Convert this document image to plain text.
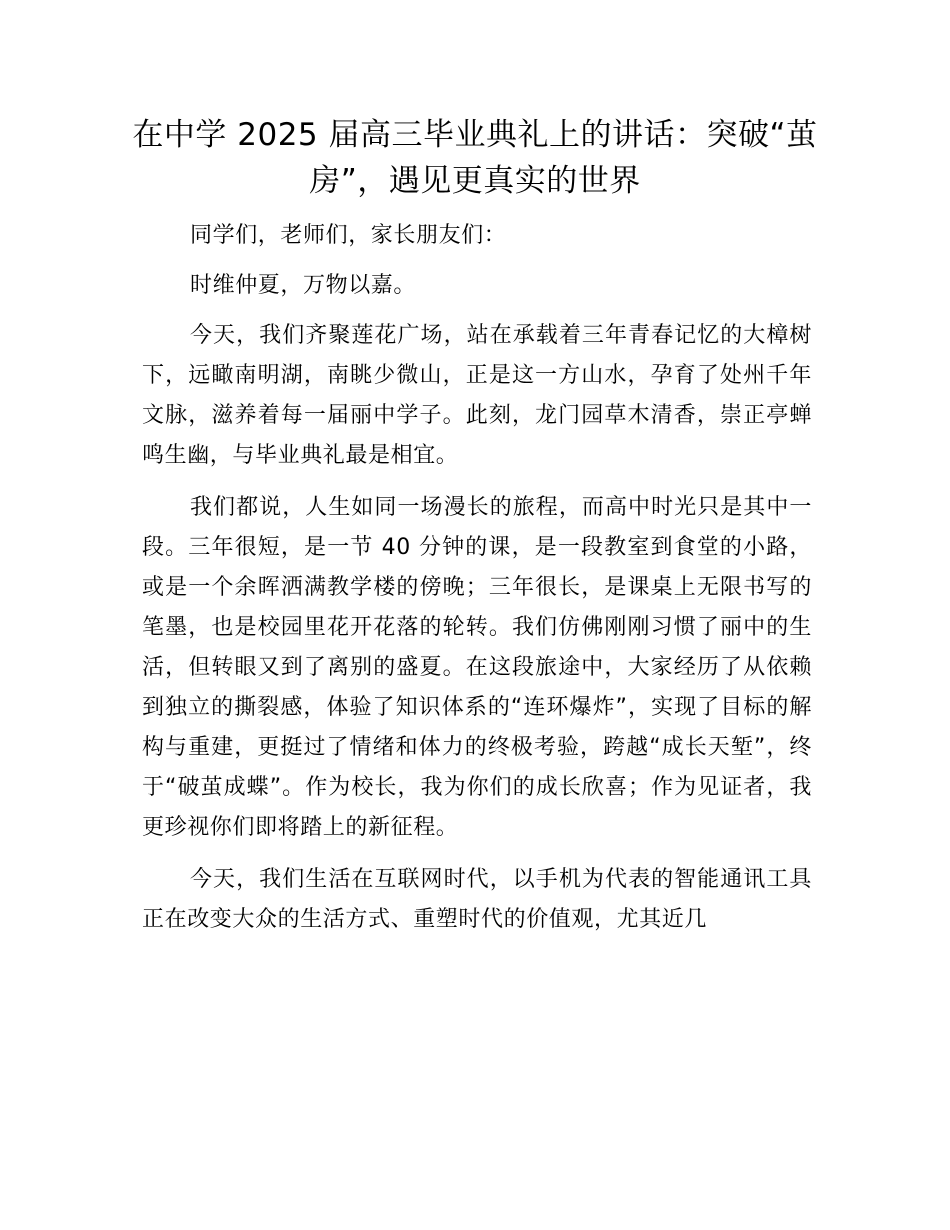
在中学 2025 届高三毕业典礼上的讲话：突破“茧房”，遇见更真实的世界

同学们，老师们，家长朋友们：

时维仲夏，万物以嘉。

今天，我们齐聚莲花广场，站在承载着三年青春记忆的大樟树下，远瞰南明湖，南眺少微山，正是这一方山水，孕育了处州千年文脉，滋养着每一届丽中学子。此刻，龙门园草木清香，崇正亭蝉鸣生幽，与毕业典礼最是相宜。

我们都说，人生如同一场漫长的旅程，而高中时光只是其中一段。三年很短，是一节 40 分钟的课，是一段教室到食堂的小路，或是一个余晖洒满教学楼的傍晚；三年很长，是课桌上无限书写的笔墨，也是校园里花开花落的轮转。我们仿佛刚刚习惯了丽中的生活，但转眼又到了离别的盛夏。在这段旅途中，大家经历了从依赖到独立的撕裂感，体验了知识体系的“连环爆炸”，实现了目标的解构与重建，更挺过了情绪和体力的终极考验，跨越“成长天堑”，终于“破茧成蝶”。作为校长，我为你们的成长欣喜；作为见证者，我更珍视你们即将踏上的新征程。

今天，我们生活在互联网时代，以手机为代表的智能通讯工具正在改变大众的生活方式、重塑时代的价值观，尤其近几
